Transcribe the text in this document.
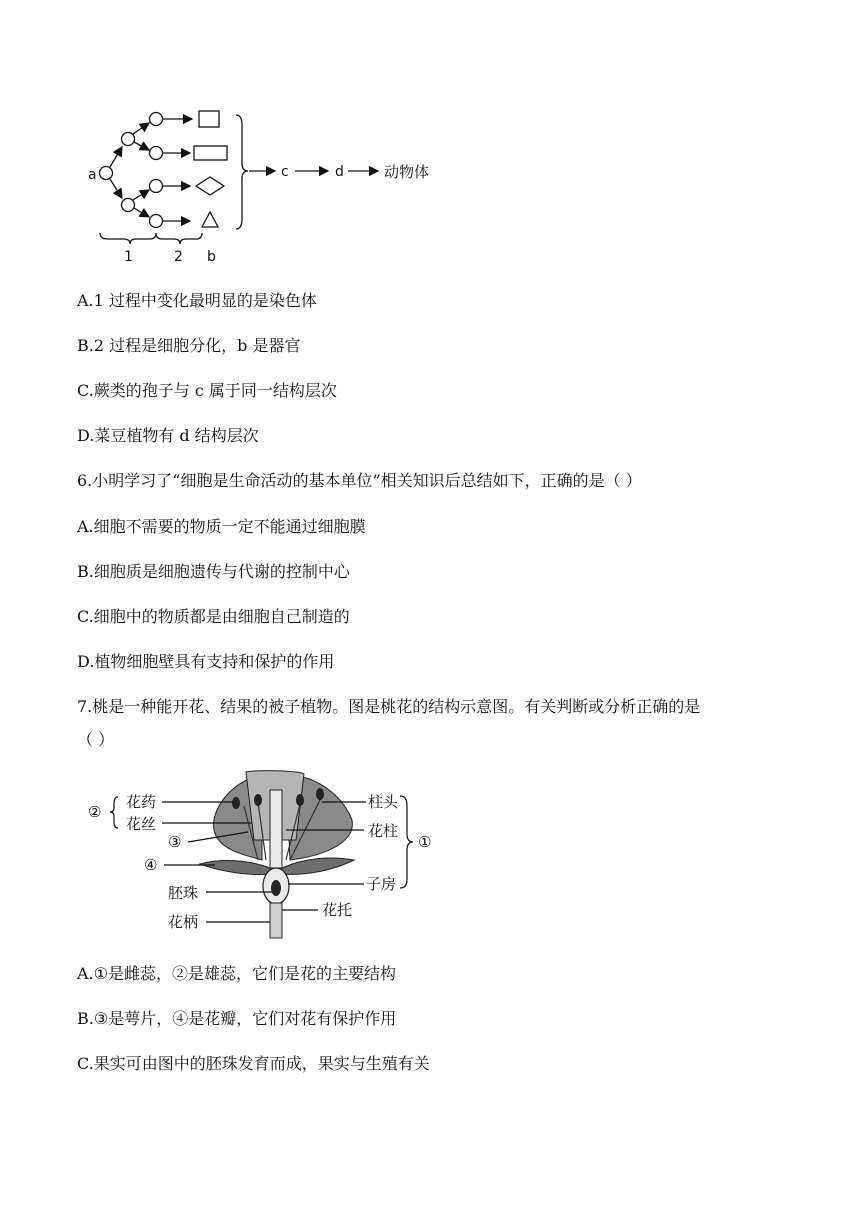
a	c	d	动物体
1	2 b
A.1 过程中变化最明显的是染色体
B.2 过程是细胞分化，b 是器官
C.蕨类的孢子与 c 属于同一结构层次
D.菜豆植物有 d 结构层次
6.小明学习了“细胞是生命活动的基本单位”相关知识后总结如下，正确的是（ ）
A.细胞不需要的物质一定不能通过细胞膜
B.细胞质是细胞遗传与代谢的控制中心
C.细胞中的物质都是由细胞自己制造的
D.植物细胞壁具有支持和保护的作用
7.桃是一种能开花、结果的被子植物。图是桃花的结构示意图。有关判断或分析正确的是
（ ）
②
花药
花丝
③
④
胚珠
花柄
柱头
花柱
①
子房
花托
A.①是雌蕊，②是雄蕊，它们是花的主要结构
B.③是萼片，④是花瓣，它们对花有保护作用
C.果实可由图中的胚珠发育而成，果实与生殖有关
